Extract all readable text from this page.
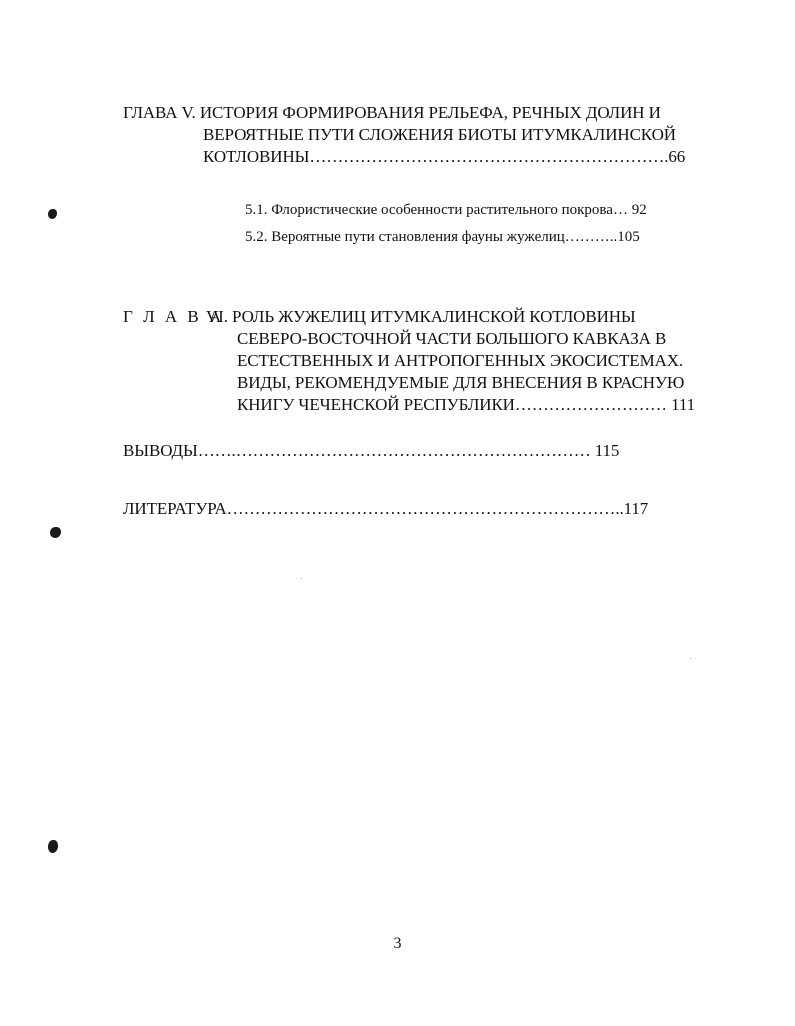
ГЛАВА V. ИСТОРИЯ ФОРМИРОВАНИЯ РЕЛЬЕФА, РЕЧНЫХ ДОЛИН И
ВЕРОЯТНЫЕ ПУТИ СЛОЖЕНИЯ БИОТЫ ИТУМКАЛИНСКОЙ
КОТЛОВИНЫ……………………………………………………….66
5.1. Флористические особенности растительного покрова… 92
5.2. Вероятные пути становления фауны жужелиц………..105
Г Л А В А
VI. РОЛЬ ЖУЖЕЛИЦ ИТУМКАЛИНСКОЙ КОТЛОВИНЫ
СЕВЕРО-ВОСТОЧНОЙ ЧАСТИ БОЛЬШОГО КАВКАЗА В
ЕСТЕСТВЕННЫХ И АНТРОПОГЕННЫХ ЭКОСИСТЕМАХ.
ВИДЫ, РЕКОМЕНДУЕМЫЕ ДЛЯ ВНЕСЕНИЯ В КРАСНУЮ
КНИГУ ЧЕЧЕНСКОЙ РЕСПУБЛИКИ……………………… 111
ВЫВОДЫ…….……………………………………………………… 115
ЛИТЕРАТУРА……………………………………………………………..117
3
